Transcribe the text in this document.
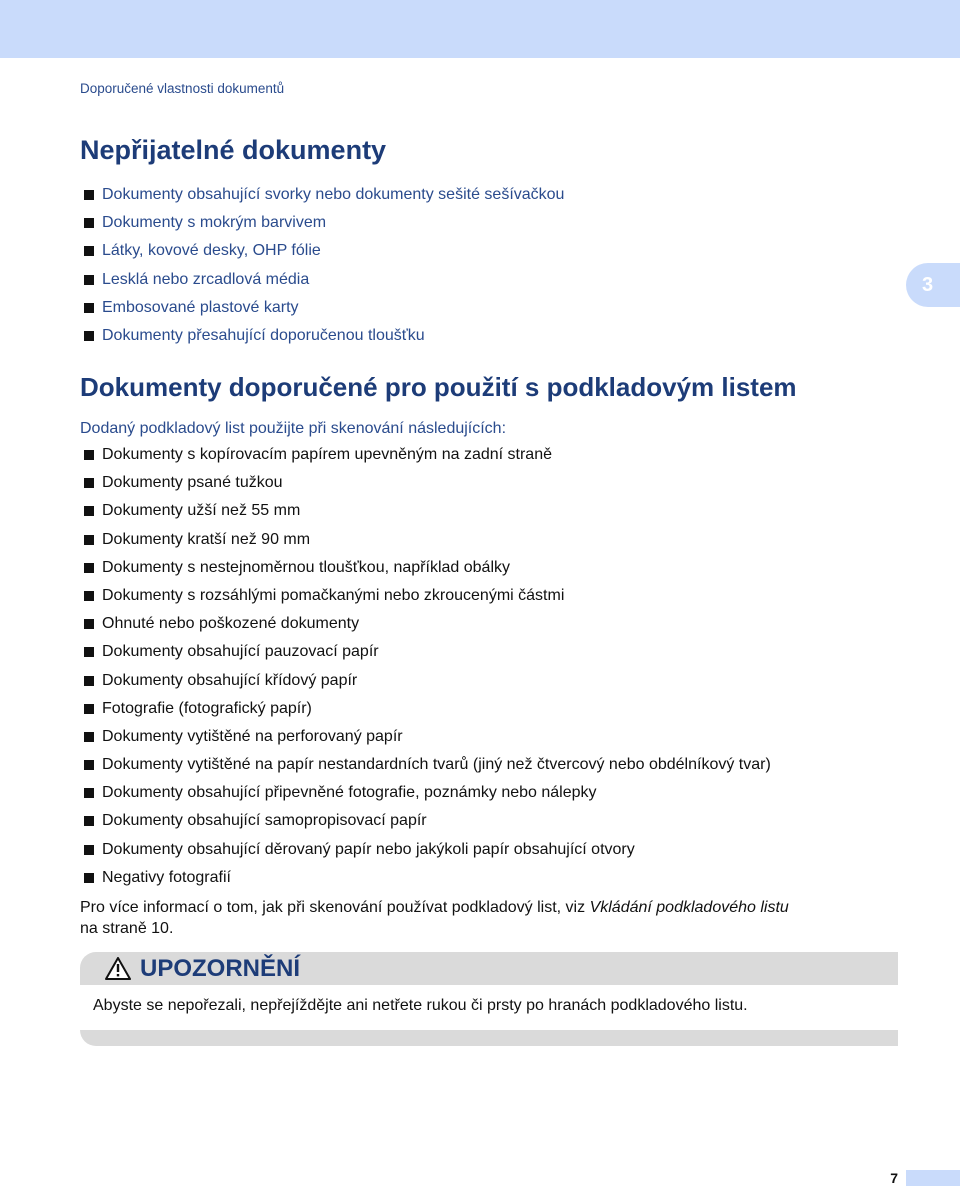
Doporučené vlastnosti dokumentů
3
Nepřijatelné dokumenty
Dokumenty obsahující svorky nebo dokumenty sešité sešívačkou
Dokumenty s mokrým barvivem
Látky, kovové desky, OHP fólie
Lesklá nebo zrcadlová média
Embosované plastové karty
Dokumenty přesahující doporučenou tloušťku
Dokumenty doporučené pro použití s podkladovým listem

Dodaný podkladový list použijte při skenování následujících:

Dokumenty s kopírovacím papírem upevněným na zadní straně
Dokumenty psané tužkou
Dokumenty užší než 55 mm
Dokumenty kratší než 90 mm
Dokumenty s nestejnoměrnou tloušťkou, například obálky
Dokumenty s rozsáhlými pomačkanými nebo zkroucenými částmi
Ohnuté nebo poškozené dokumenty
Dokumenty obsahující pauzovací papír
Dokumenty obsahující křídový papír
Fotografie (fotografický papír)
Dokumenty vytištěné na perforovaný papír
Dokumenty vytištěné na papír nestandardních tvarů (jiný než čtvercový nebo obdélníkový tvar)
Dokumenty obsahující připevněné fotografie, poznámky nebo nálepky
Dokumenty obsahující samopropisovací papír
Dokumenty obsahující děrovaný papír nebo jakýkoli papír obsahující otvory
Negativy fotografií

Pro více informací o tom, jak při skenování používat podkladový list, viz Vkládání podkladového listu
na straně 10.

UPOZORNĚNÍ

Abyste se nepořezali, nepřejíždějte ani netřete rukou či prsty po hranách podkladového listu.

7
